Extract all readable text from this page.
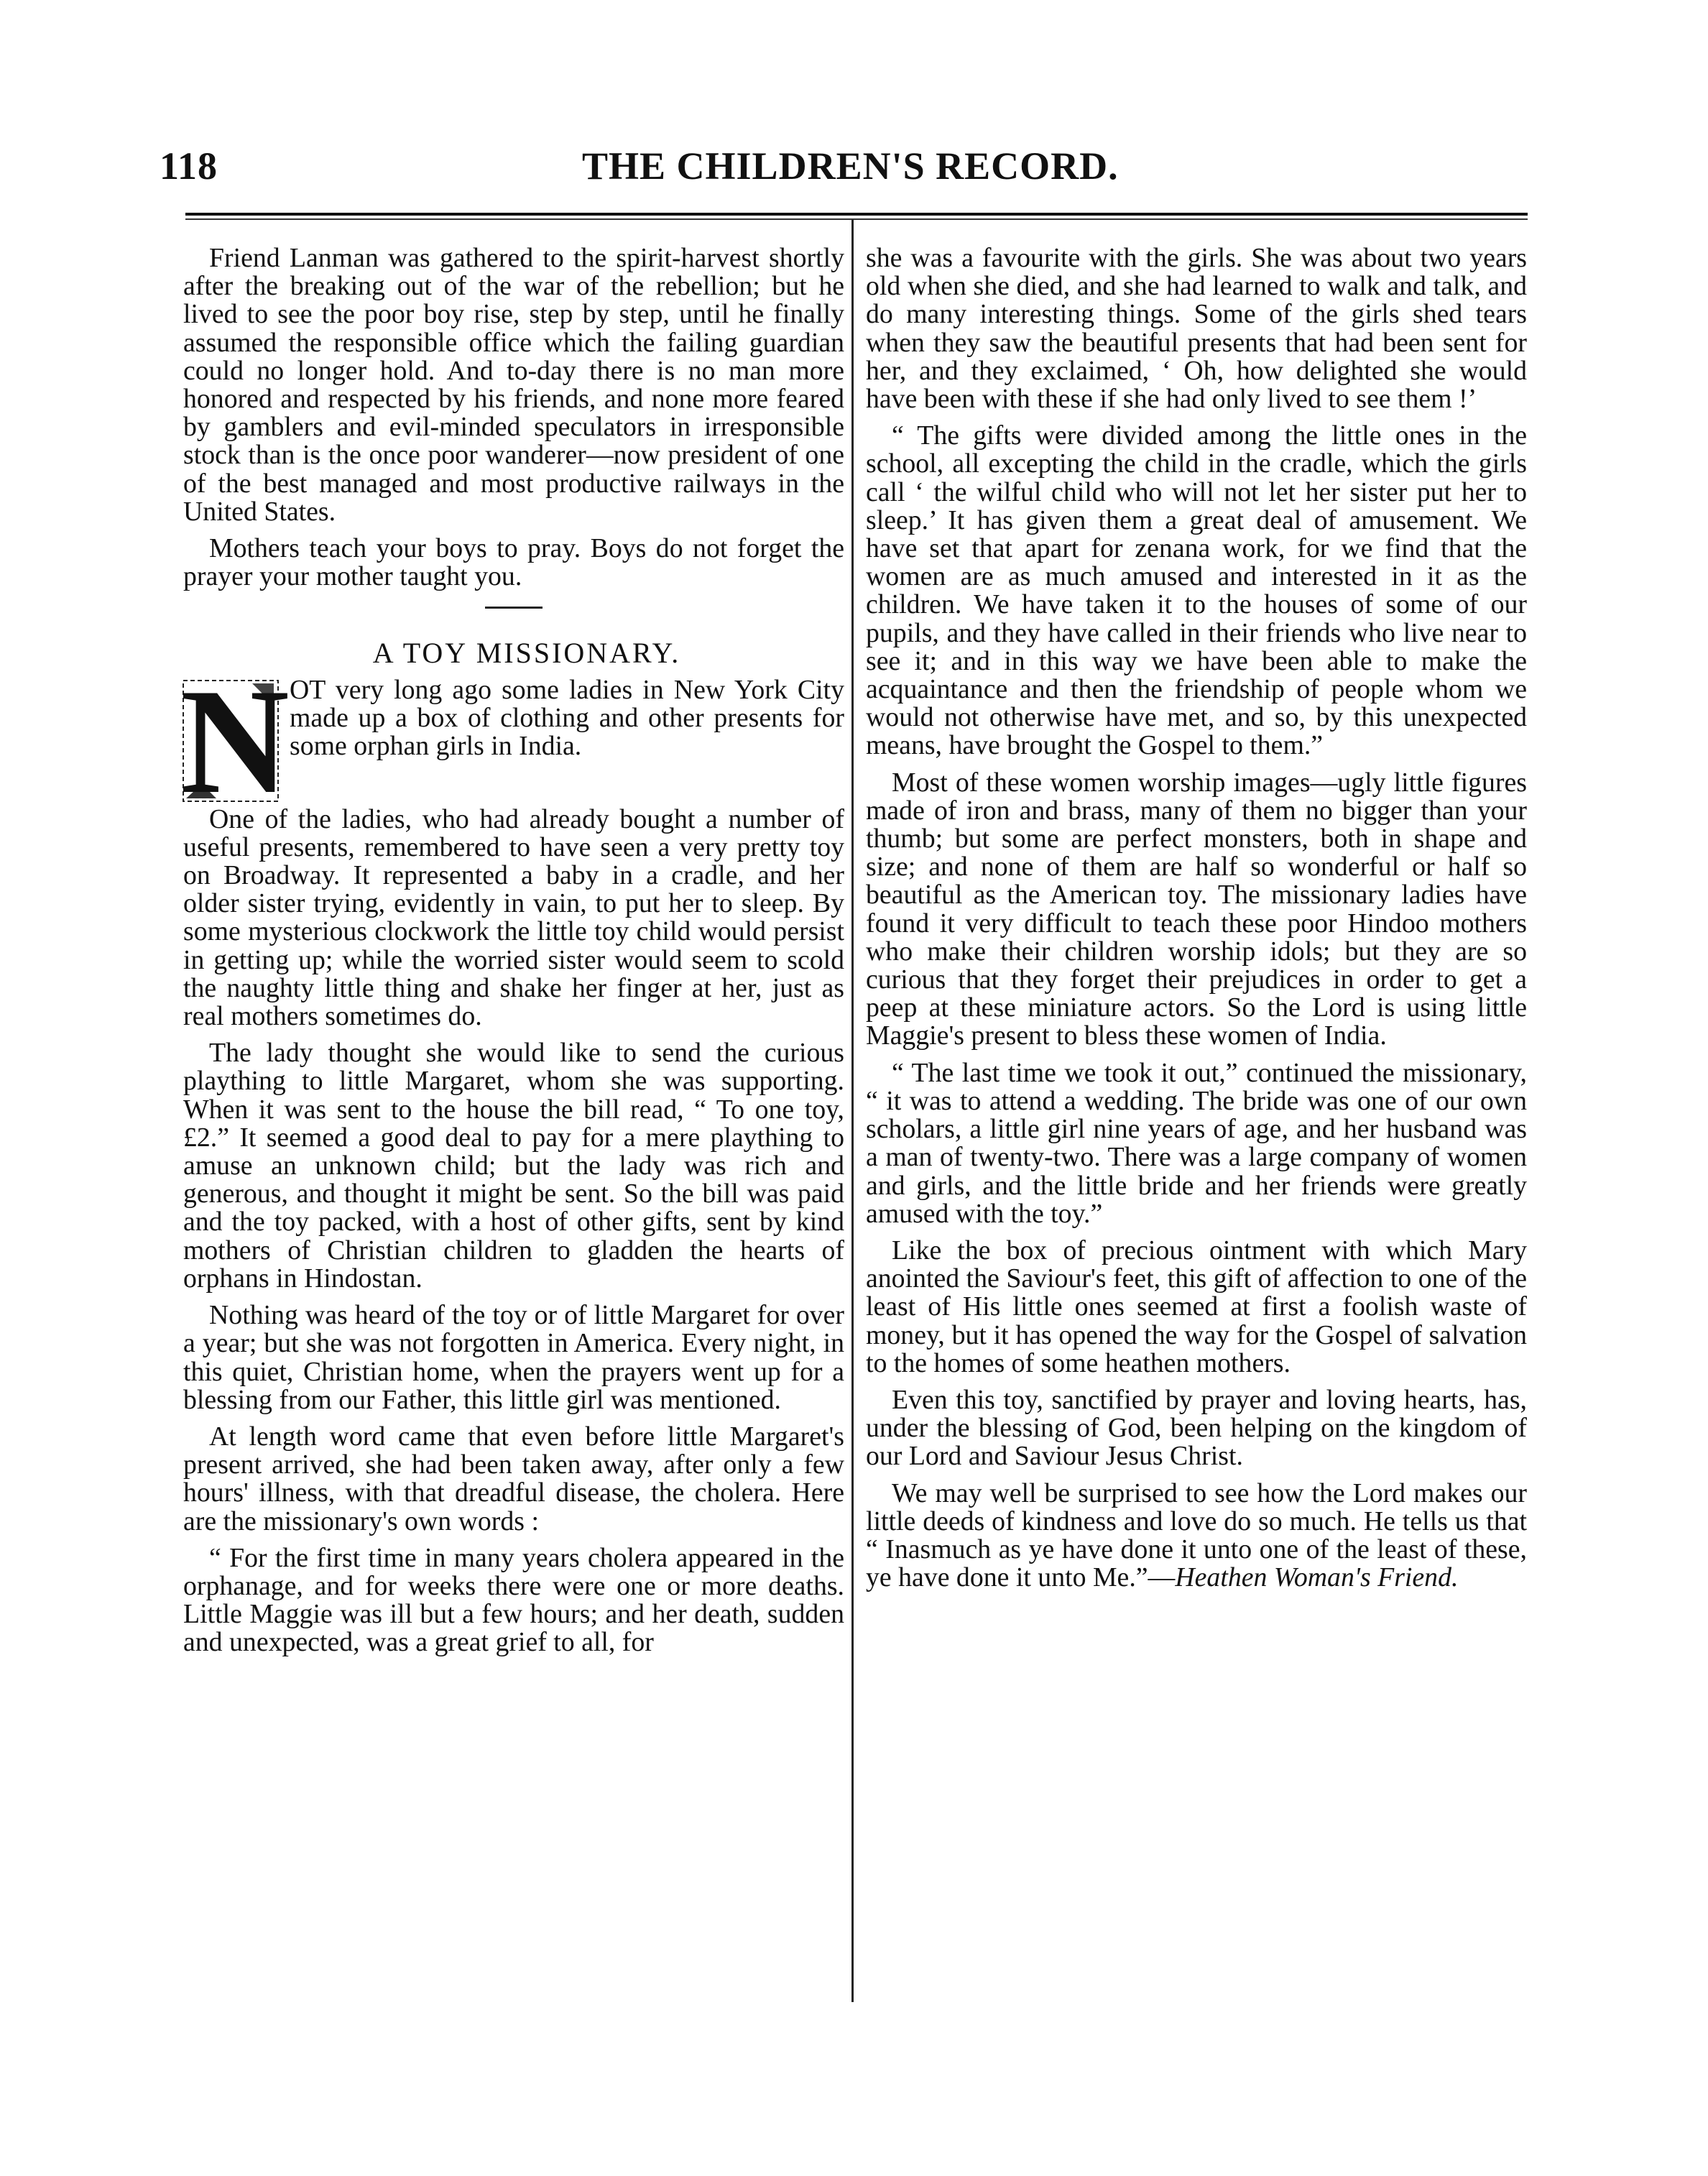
118	THE CHILDREN'S RECORD.

Friend Lanman was gathered to the spirit-harvest shortly after the breaking out of the war of the rebellion; but he lived to see the poor boy rise, step by step, until he finally assumed the responsible office which the failing guardian could no longer hold. And to-day there is no man more honored and respected by his friends, and none more feared by gamblers and evil-minded speculators in irresponsible stock than is the once poor wanderer—now president of one of the best managed and most productive railways in the United States.

Mothers teach your boys to pray. Boys do not forget the prayer your mother taught you.

A TOY MISSIONARY.

N OT very long ago some ladies in New York City made up a box of clothing and other presents for some orphan girls in India.

One of the ladies, who had already bought a number of useful presents, remembered to have seen a very pretty toy on Broadway. It represented a baby in a cradle, and her older sister trying, evidently in vain, to put her to sleep. By some mysterious clockwork the little toy child would persist in getting up; while the worried sister would seem to scold the naughty little thing and shake her finger at her, just as real mothers sometimes do.

The lady thought she would like to send the curious plaything to little Margaret, whom she was supporting. When it was sent to the house the bill read, “ To one toy, £2.” It seemed a good deal to pay for a mere plaything to amuse an unknown child; but the lady was rich and generous, and thought it might be sent. So the bill was paid and the toy packed, with a host of other gifts, sent by kind mothers of Christian children to gladden the hearts of orphans in Hindostan.

Nothing was heard of the toy or of little Margaret for over a year; but she was not forgotten in America. Every night, in this quiet, Christian home, when the prayers went up for a blessing from our Father, this little girl was mentioned.

At length word came that even before little Margaret's present arrived, she had been taken away, after only a few hours' illness, with that dreadful disease, the cholera. Here are the missionary's own words :

“ For the first time in many years cholera appeared in the orphanage, and for weeks there were one or more deaths. Little Maggie was ill but a few hours; and her death, sudden and unexpected, was a great grief to all, for

she was a favourite with the girls. She was about two years old when she died, and she had learned to walk and talk, and do many interesting things. Some of the girls shed tears when they saw the beautiful presents that had been sent for her, and they exclaimed, ‘ Oh, how delighted she would have been with these if she had only lived to see them !’

“ The gifts were divided among the little ones in the school, all excepting the child in the cradle, which the girls call ‘ the wilful child who will not let her sister put her to sleep.’ It has given them a great deal of amusement. We have set that apart for zenana work, for we find that the women are as much amused and interested in it as the children. We have taken it to the houses of some of our pupils, and they have called in their friends who live near to see it; and in this way we have been able to make the acquaintance and then the friendship of people whom we would not otherwise have met, and so, by this unexpected means, have brought the Gospel to them.”

Most of these women worship images—ugly little figures made of iron and brass, many of them no bigger than your thumb; but some are perfect monsters, both in shape and size; and none of them are half so wonderful or half so beautiful as the American toy. The missionary ladies have found it very difficult to teach these poor Hindoo mothers who make their children worship idols; but they are so curious that they forget their prejudices in order to get a peep at these miniature actors. So the Lord is using little Maggie's present to bless these women of India.

“ The last time we took it out,” continued the missionary, “ it was to attend a wedding. The bride was one of our own scholars, a little girl nine years of age, and her husband was a man of twenty-two. There was a large company of women and girls, and the little bride and her friends were greatly amused with the toy.”

Like the box of precious ointment with which Mary anointed the Saviour's feet, this gift of affection to one of the least of His little ones seemed at first a foolish waste of money, but it has opened the way for the Gospel of salvation to the homes of some heathen mothers.

Even this toy, sanctified by prayer and loving hearts, has, under the blessing of God, been helping on the kingdom of our Lord and Saviour Jesus Christ.

We may well be surprised to see how the Lord makes our little deeds of kindness and love do so much. He tells us that “ Inasmuch as ye have done it unto one of the least of these, ye have done it unto Me.”—Heathen Woman's Friend.
